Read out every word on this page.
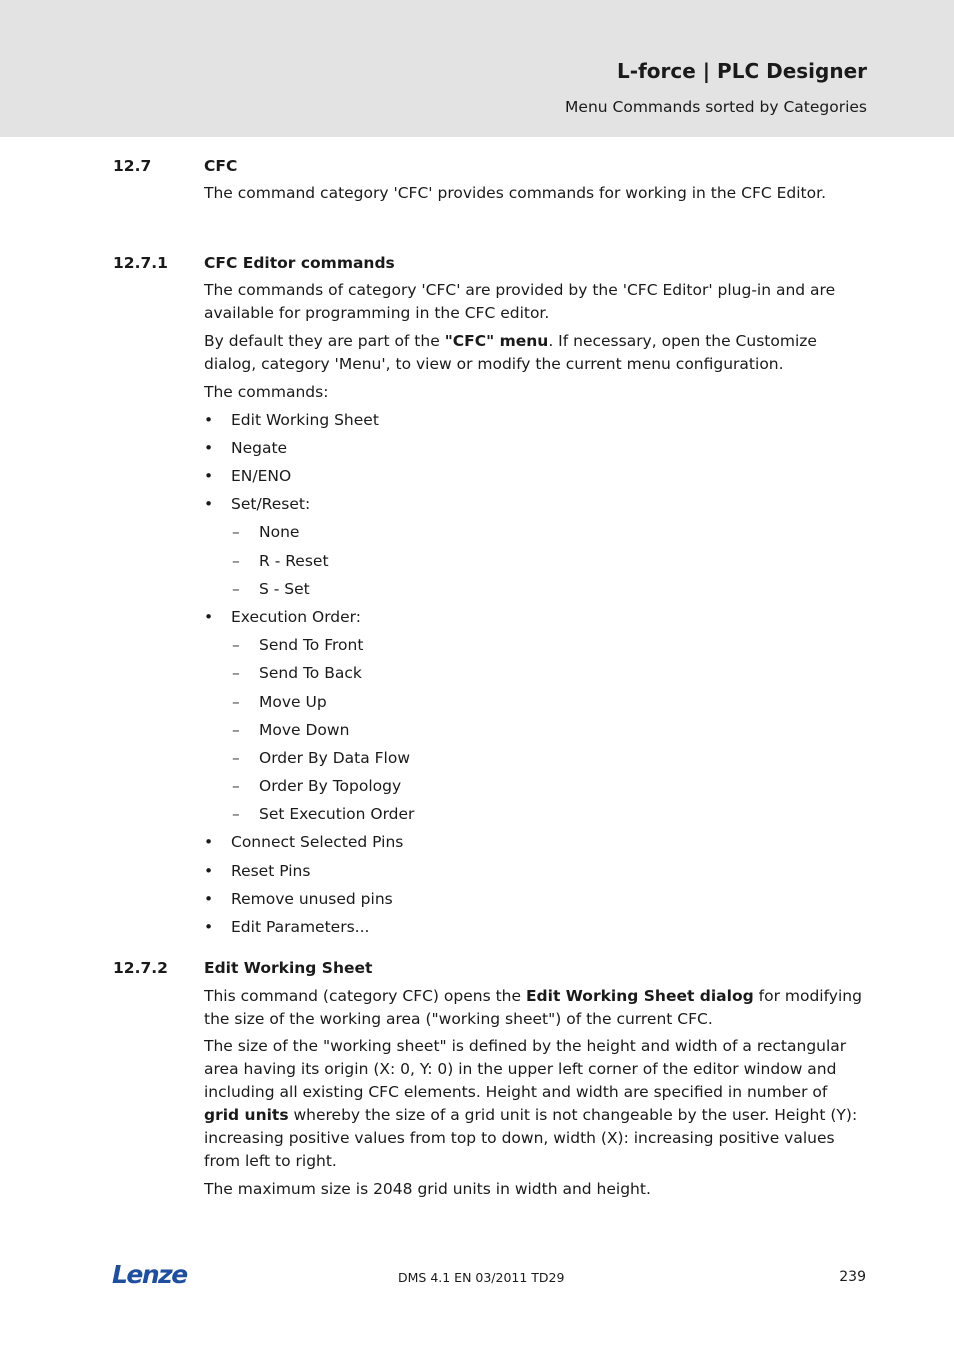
L-force | PLC Designer
Menu Commands sorted by Categories
12.7	CFC

The command category 'CFC' provides commands for working in the CFC Editor.

12.7.1 CFC Editor commands

The commands of category 'CFC' are provided by the 'CFC Editor' plug-in and are available for programming in the CFC editor.

By default they are part of the "CFC" menu. If necessary, open the Customize dialog, category 'Menu', to view or modify the current menu configuration.

The commands:

• Edit Working Sheet
• Negate
• EN/ENO
• Set/Reset:
– None
– R - Reset
– S - Set
• Execution Order:
– Send To Front
– Send To Back
– Move Up
– Move Down
– Order By Data Flow
– Order By Topology
– Set Execution Order
• Connect Selected Pins
• Reset Pins
• Remove unused pins
• Edit Parameters...
12.7.2 Edit Working Sheet

This command (category CFC) opens the Edit Working Sheet dialog for modifying the size of the working area ("working sheet") of the current CFC.

The size of the "working sheet" is defined by the height and width of a rectangular area having its origin (X: 0, Y: 0) in the upper left corner of the editor window and including all existing CFC elements. Height and width are specified in number of grid units whereby the size of a grid unit is not changeable by the user. Height (Y): increasing positive values from top to down, width (X): increasing positive values from left to right.

The maximum size is 2048 grid units in width and height.

Lenze	DMS 4.1 EN 03/2011 TD29	239
